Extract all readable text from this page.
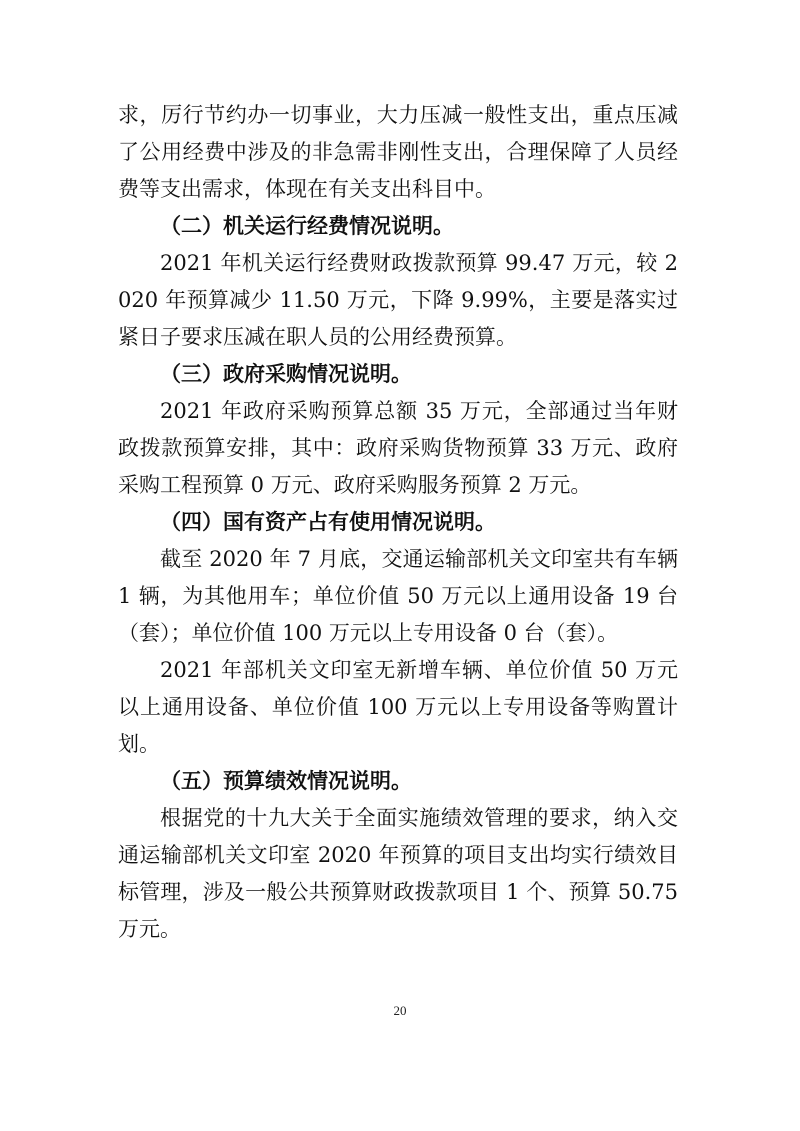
求，厉行节约办一切事业，大力压减一般性支出，重点压减了公用经费中涉及的非急需非刚性支出，合理保障了人员经费等支出需求，体现在有关支出科目中。

（二）机关运行经费情况说明。

2021 年机关运行经费财政拨款预算 99.47 万元，较 2020 年预算减少 11.50 万元，下降 9.99%，主要是落实过紧日子要求压减在职人员的公用经费预算。

（三）政府采购情况说明。

2021 年政府采购预算总额 35 万元，全部通过当年财政拨款预算安排，其中：政府采购货物预算 33 万元、政府采购工程预算 0 万元、政府采购服务预算 2 万元。

（四）国有资产占有使用情况说明。

截至 2020 年 7 月底，交通运输部机关文印室共有车辆 1 辆，为其他用车；单位价值 50 万元以上通用设备 19 台（套）；单位价值 100 万元以上专用设备 0 台（套）。

2021 年部机关文印室无新增车辆、单位价值 50 万元以上通用设备、单位价值 100 万元以上专用设备等购置计划。

（五）预算绩效情况说明。

根据党的十九大关于全面实施绩效管理的要求，纳入交通运输部机关文印室 2020 年预算的项目支出均实行绩效目标管理，涉及一般公共预算财政拨款项目 1 个、预算 50.75 万元。

20
